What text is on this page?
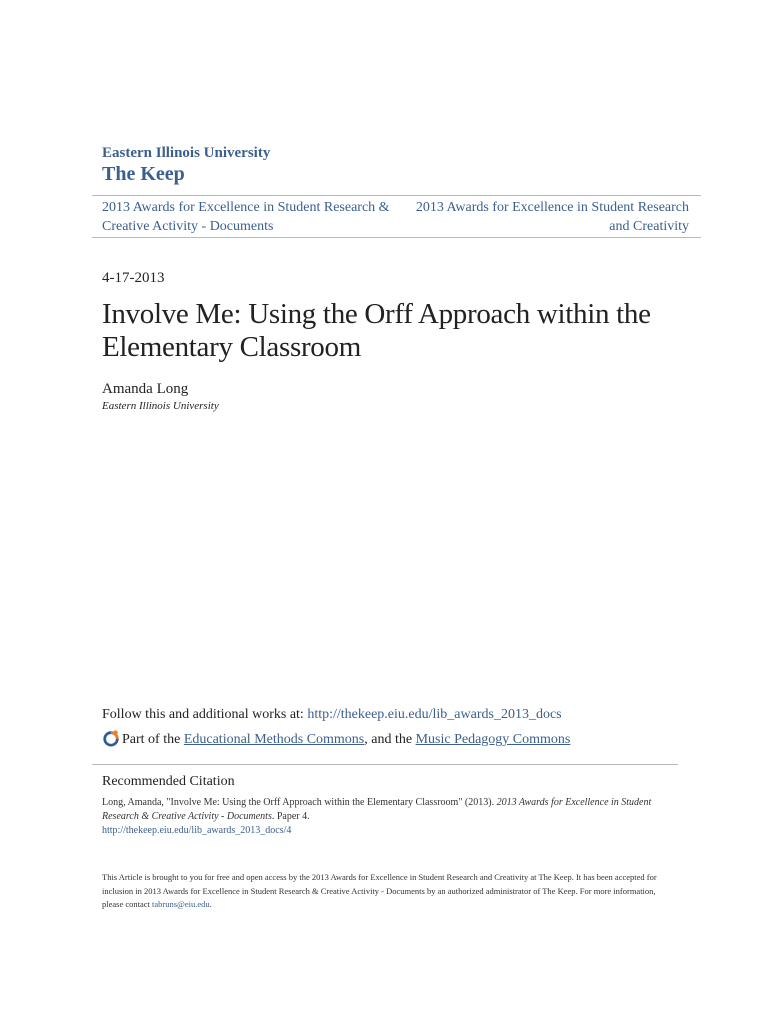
Eastern Illinois University
The Keep
2013 Awards for Excellence in Student Research & Creative Activity - Documents
2013 Awards for Excellence in Student Research and Creativity
4-17-2013
Involve Me: Using the Orff Approach within the Elementary Classroom
Amanda Long
Eastern Illinois University
Follow this and additional works at: http://thekeep.eiu.edu/lib_awards_2013_docs
Part of the
Educational Methods Commons , and the
Music Pedagogy Commons
Recommended Citation
Long, Amanda, "Involve Me: Using the Orff Approach within the Elementary Classroom" (2013). 2013 Awards for Excellence in Student Research & Creative Activity - Documents. Paper 4.
http://thekeep.eiu.edu/lib_awards_2013_docs/4
This Article is brought to you for free and open access by the 2013 Awards for Excellence in Student Research and Creativity at The Keep. It has been accepted for inclusion in 2013 Awards for Excellence in Student Research & Creative Activity - Documents by an authorized administrator of The Keep. For more information, please contact tabruns@eiu.edu.
